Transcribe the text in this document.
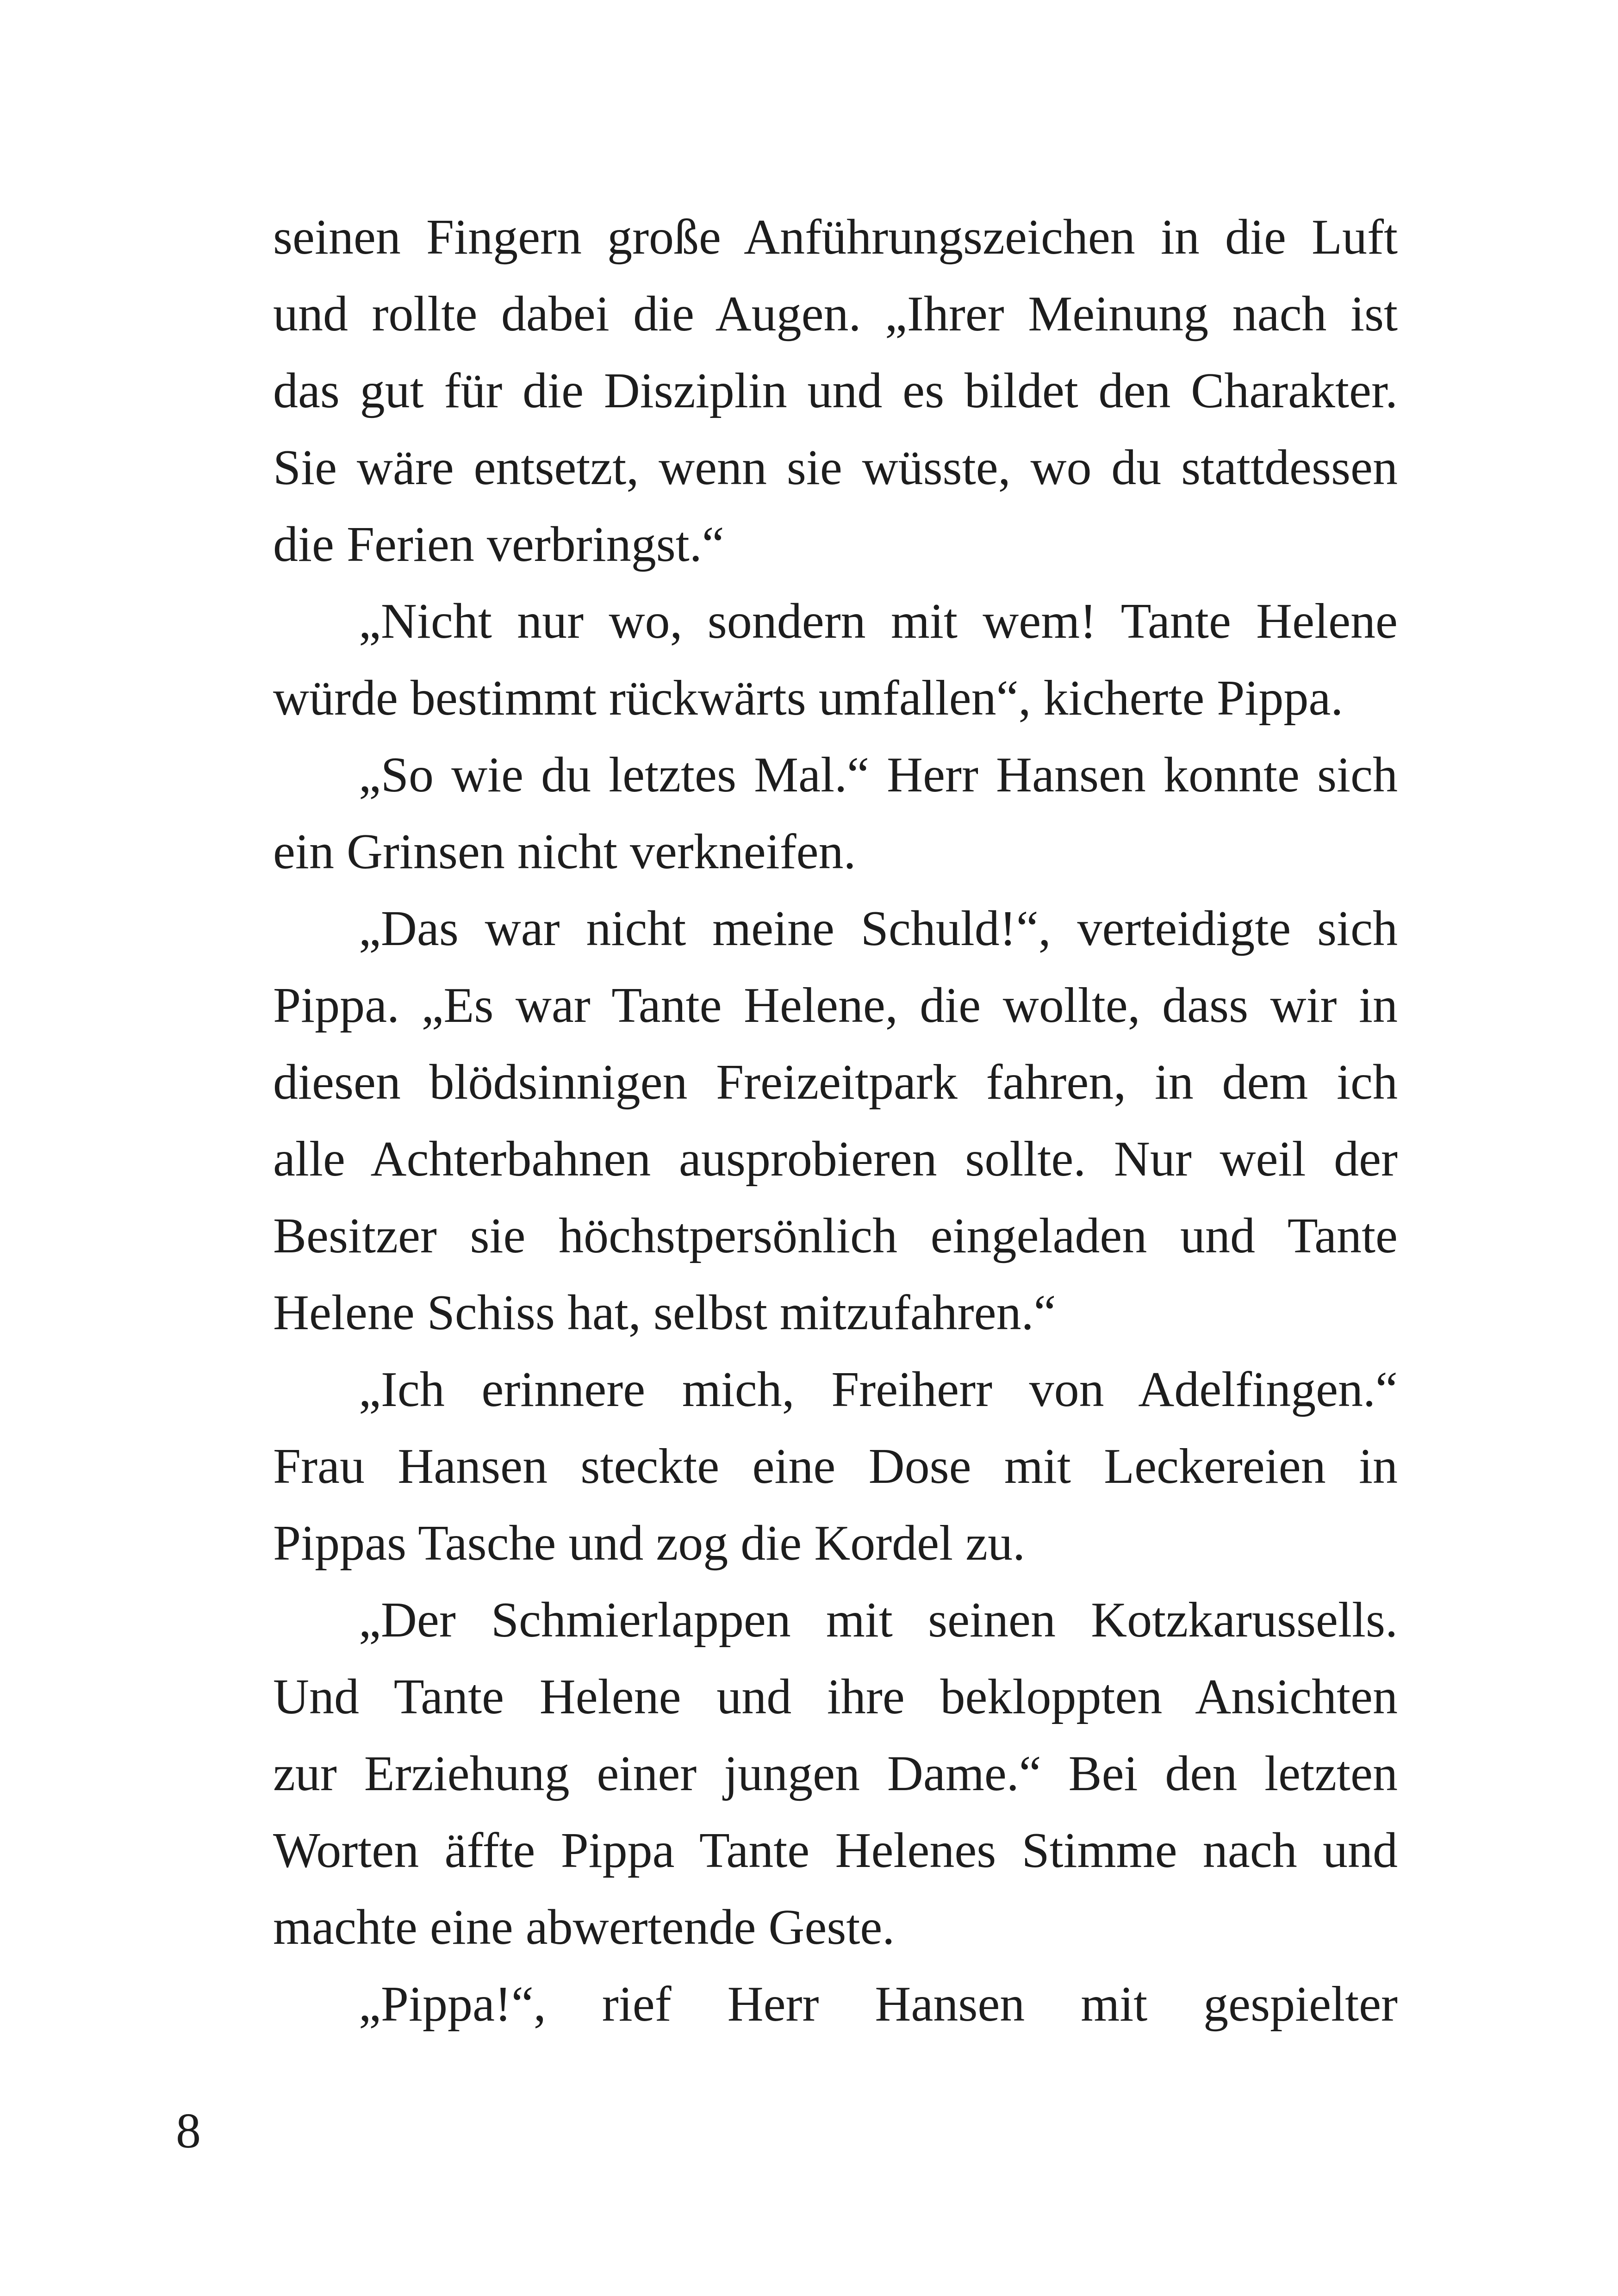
seinen Fingern große Anführungszeichen in die Luft
und rollte dabei die Augen. „Ihrer Meinung nach ist
das gut für die Disziplin und es bildet den Charakter.
Sie wäre entsetzt, wenn sie wüsste, wo du stattdessen
die Ferien verbringst.“
„Nicht nur wo, sondern mit wem! Tante Helene
würde bestimmt rückwärts umfallen“, kicherte Pippa.
„So wie du letztes Mal.“ Herr Hansen konnte sich
ein Grinsen nicht verkneifen.
„Das war nicht meine Schuld!“, verteidigte sich
Pippa. „Es war Tante Helene, die wollte, dass wir in
diesen blödsinnigen Freizeitpark fahren, in dem ich
alle Achterbahnen ausprobieren sollte. Nur weil der
Besitzer sie höchstpersönlich eingeladen und Tante
Helene Schiss hat, selbst mitzufahren.“
„Ich erinnere mich, Freiherr von Adelfingen.“
Frau Hansen steckte eine Dose mit Leckereien in
Pippas Tasche und zog die Kordel zu.
„Der Schmierlappen mit seinen Kotzkarussells.
Und Tante Helene und ihre bekloppten Ansichten
zur Erziehung einer jungen Dame.“ Bei den letzten
Worten äffte Pippa Tante Helenes Stimme nach und
machte eine abwertende Geste.
„Pippa!“, rief Herr Hansen mit gespielter
8
